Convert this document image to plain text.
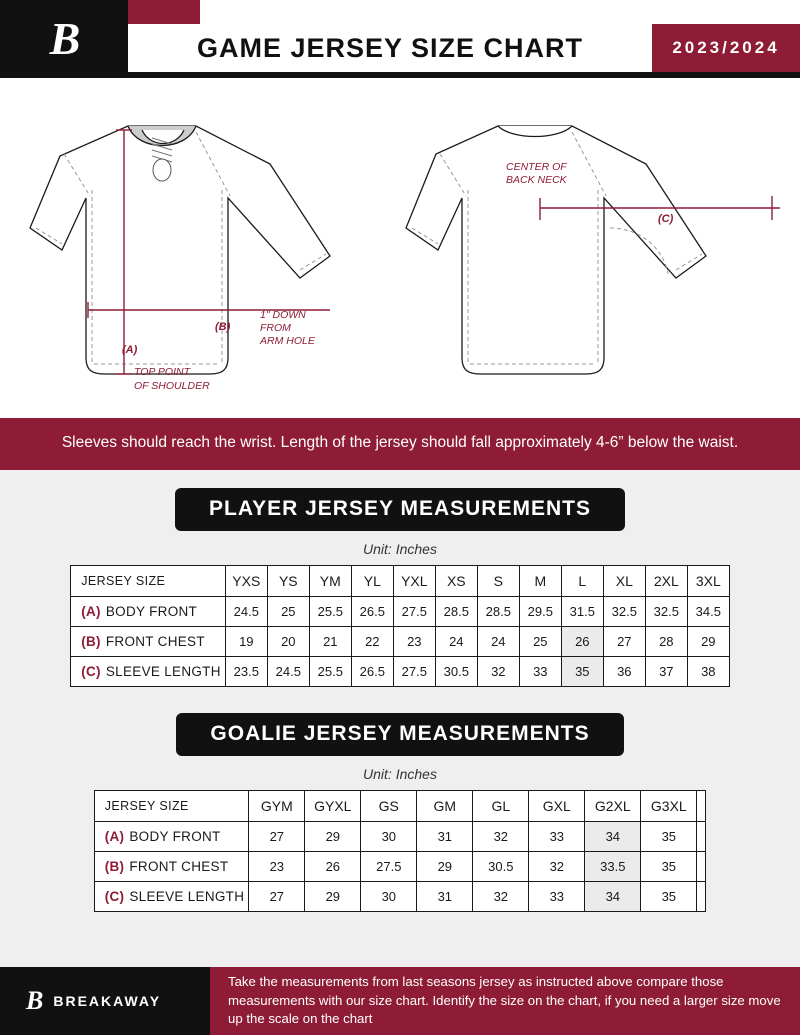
B	GAME JERSEY SIZE CHART	2023/2024
(A)
(B)
1" DOWN
FROM
ARM HOLE
TOP POINT
OF SHOULDER
(C)
CENTER OF
BACK NECK
Sleeves should reach the wrist. Length of the jersey should fall approximately 4-6” below the waist.
PLAYER JERSEY MEASUREMENTS
Unit: Inches
JERSEY SIZE	YXS	YS	YM	YL	YXL	XS	S	M	L	XL	2XL	3XL
(A) BODY FRONT	24.5	25	25.5	26.5	27.5	28.5	28.5	29.5	31.5	32.5	32.5	34.5
(B) FRONT CHEST	19	20	21	22	23	24	24	25	26	27	28	29
(C) SLEEVE LENGTH	23.5	24.5	25.5	26.5	27.5	30.5	32	33	35	36	37	38
GOALIE JERSEY MEASUREMENTS
Unit: Inches
JERSEY SIZE	GYM	GYXL	GS	GM	GL	GXL	G2XL	G3XL	
(A) BODY FRONT	27	29	30	31	32	33	34	35	
(B) FRONT CHEST	23	26	27.5	29	30.5	32	33.5	35	
(C) SLEEVE LENGTH	27	29	30	31	32	33	34	35	
B BREAKAWAY
Take the measurements from last seasons jersey as instructed above compare those measurements with our size chart. Identify the size on the chart, if you need a larger size move up the scale on the chart
